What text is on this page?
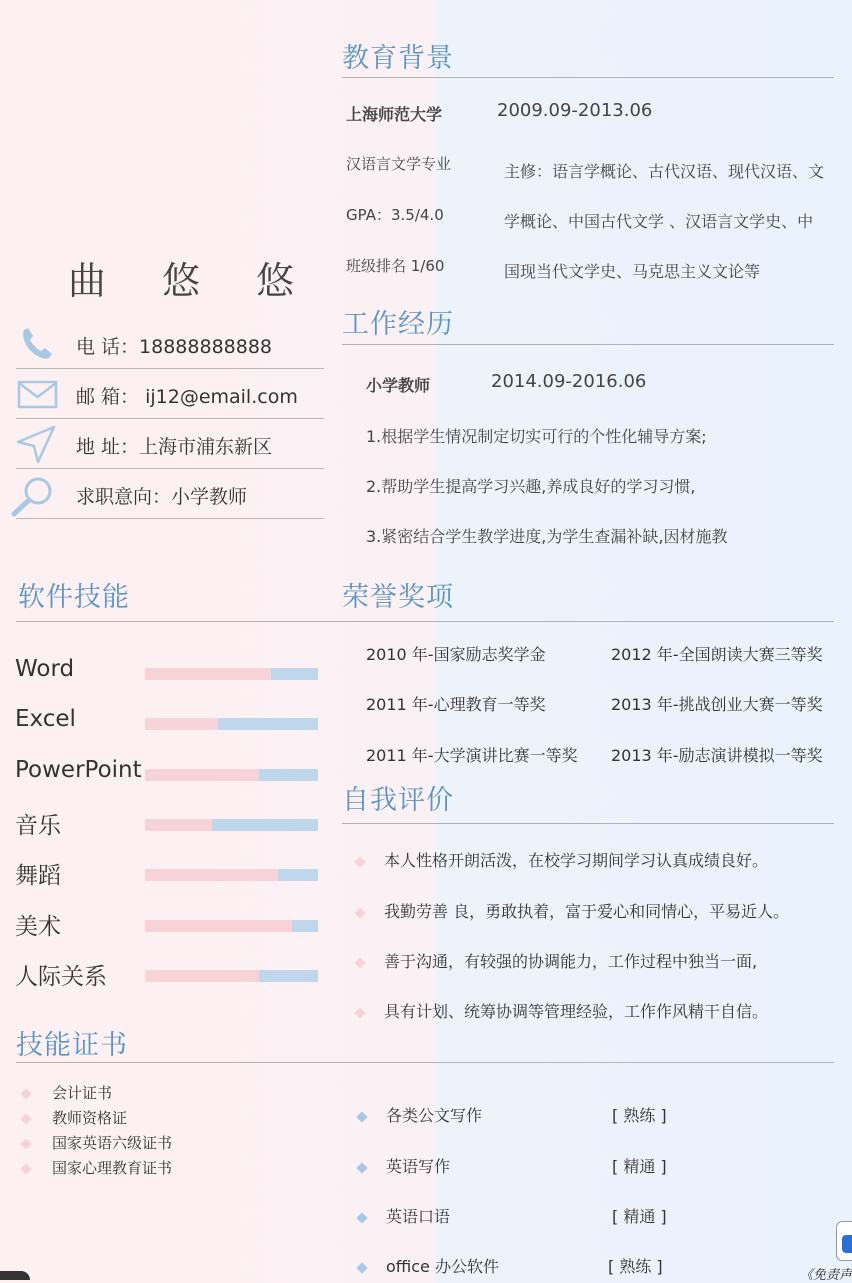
曲 悠 悠
电 话：18888888888
邮 箱： ij12@email.com
地 址：上海市浦东新区
求职意向：小学教师
教育背景
上海师范大学	2009.09-2013.06
汉语言文学专业
GPA：3.5/4.0
班级排名 1/60
主修：语言学概论、古代汉语、现代汉语、文
学概论、中国古代文学 、汉语言文学史、中
国现当代文学史、马克思主义文论等
工作经历
小学教师	2014.09-2016.06
1.根据学生情况制定切实可行的个性化辅导方案;
2.帮助学生提高学习兴趣,养成良好的学习习惯,
3.紧密结合学生教学进度,为学生查漏补缺,因材施教
软件技能	荣誉奖项
Word
Excel
PowerPoint
音乐
舞蹈
美术
人际关系
2010 年-国家励志奖学金	2012 年-全国朗读大赛三等奖
2011 年-心理教育一等奖	2013 年-挑战创业大赛一等奖
2011 年-大学演讲比赛一等奖 2013 年-励志演讲模拟一等奖
自我评价
本人性格开朗活泼，在校学习期间学习认真成绩良好。
我勤劳善 良，勇敢执着，富于爱心和同情心，平易近人。
善于沟通，有较强的协调能力，工作过程中独当一面,
具有计划、统筹协调等管理经验，工作作风精干自信。
技能证书
会计证书
教师资格证
国家英语六级证书
国家心理教育证书
各类公文写作	[ 熟练 ]
英语写作	[ 精通 ]
英语口语	[ 精通 ]
office 办公软件	[ 熟练 ]	《免责声
